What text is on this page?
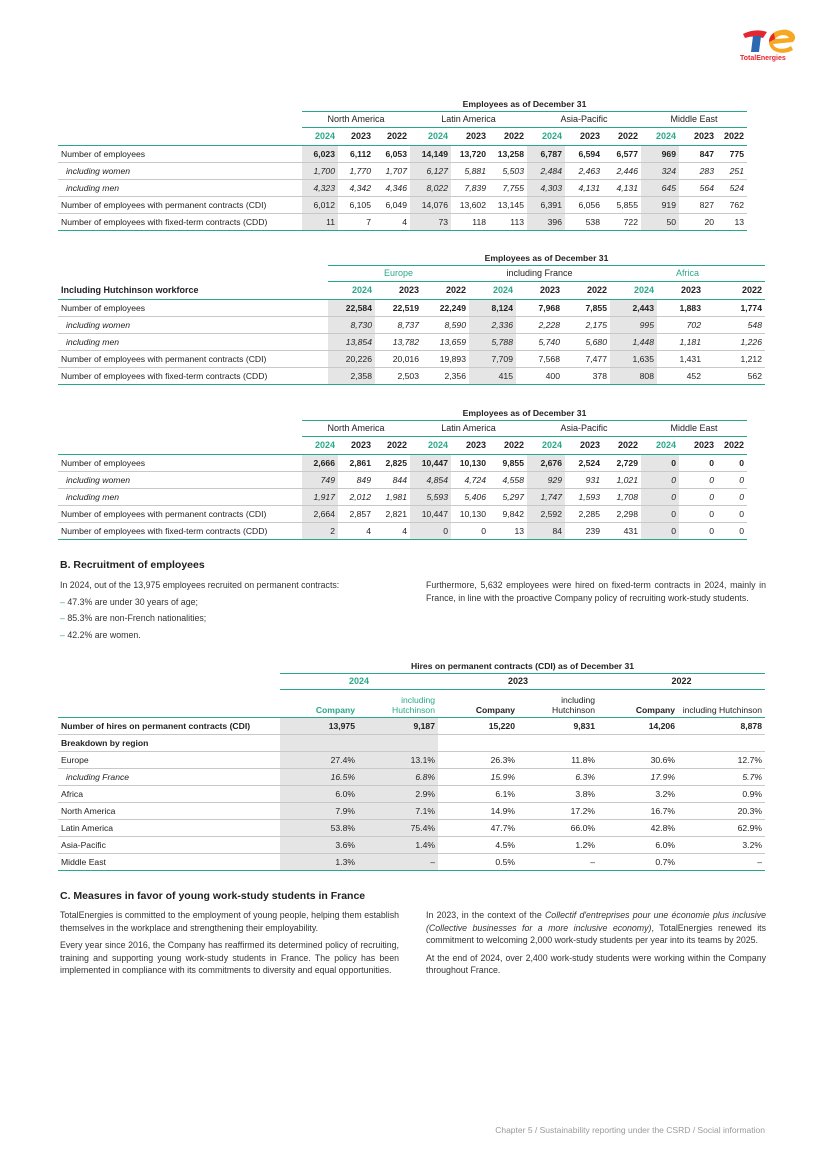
TotalEnergies
	Employees as of December 31											
	North America			Latin America			Asia-Pacific			Middle East		
	2024	2023	2022	2024	2023	2022	2024	2023	2022	2024	2023	2022
Number of employees	6,023	6,112	6,053	14,149	13,720	13,258	6,787	6,594	6,577	969	847	775
including women	1,700	1,770	1,707	6,127	5,881	5,503	2,484	2,463	2,446	324	283	251
including men	4,323	4,342	4,346	8,022	7,839	7,755	4,303	4,131	4,131	645	564	524
Number of employees with permanent contracts (CDI)	6,012	6,105	6,049	14,076	13,602	13,145	6,391	6,056	5,855	919	827	762
Number of employees with fixed-term contracts (CDD)	11	7	4	73	118	113	396	538	722	50	20	13
	Employees as of December 31								
	Europe			including France			Africa		
Including Hutchinson workforce	2024	2023	2022	2024	2023	2022	2024	2023	2022
Number of employees	22,584	22,519	22,249	8,124	7,968	7,855	2,443	1,883	1,774
including women	8,730	8,737	8,590	2,336	2,228	2,175	995	702	548
including men	13,854	13,782	13,659	5,788	5,740	5,680	1,448	1,181	1,226
Number of employees with permanent contracts (CDI)	20,226	20,016	19,893	7,709	7,568	7,477	1,635	1,431	1,212
Number of employees with fixed-term contracts (CDD)	2,358	2,503	2,356	415	400	378	808	452	562
	Employees as of December 31											
	North America			Latin America			Asia-Pacific			Middle East		
	2024	2023	2022	2024	2023	2022	2024	2023	2022	2024	2023	2022
Number of employees	2,666	2,861	2,825	10,447	10,130	9,855	2,676	2,524	2,729	0	0	0
including women	749	849	844	4,854	4,724	4,558	929	931	1,021	0	0	0
including men	1,917	2,012	1,981	5,593	5,406	5,297	1,747	1,593	1,708	0	0	0
Number of employees with permanent contracts (CDI)	2,664	2,857	2,821	10,447	10,130	9,842	2,592	2,285	2,298	0	0	0
Number of employees with fixed-term contracts (CDD)	2	4	4	0	0	13	84	239	431	0	0	0
B. Recruitment of employees
In 2024, out of the 13,975 employees recruited on permanent contracts:
– 47.3% are under 30 years of age;
– 85.3% are non-French nationalities;
– 42.2% are women.
Furthermore, 5,632 employees were hired on fixed-term contracts in 2024, mainly in France, in line with the proactive Company policy of recruiting work-study students.
	Hires on permanent contracts (CDI) as of December 31					
	2024		2023		2022	
	Company	including Hutchinson	Company	including Hutchinson	Company	including Hutchinson
Number of hires on permanent contracts (CDI)	13,975	9,187	15,220	9,831	14,206	8,878
Breakdown by region						
Europe	27.4%	13.1%	26.3%	11.8%	30.6%	12.7%
including France	16.5%	6.8%	15.9%	6.3%	17.9%	5.7%
Africa	6.0%	2.9%	6.1%	3.8%	3.2%	0.9%
North America	7.9%	7.1%	14.9%	17.2%	16.7%	20.3%
Latin America	53.8%	75.4%	47.7%	66.0%	42.8%	62.9%
Asia-Pacific	3.6%	1.4%	4.5%	1.2%	6.0%	3.2%
Middle East	1.3%	–	0.5%	–	0.7%	–
C. Measures in favor of young work-study students in France

TotalEnergies is committed to the employment of young people, helping them establish themselves in the workplace and strengthening their employability.

Every year since 2016, the Company has reaffirmed its determined policy of recruiting, training and supporting young work-study students in France. The policy has been implemented in compliance with its commitments to diversity and equal opportunities.

In 2023, in the context of the Collectif d'entreprises pour une économie plus inclusive (Collective businesses for a more inclusive economy), TotalEnergies renewed its commitment to welcoming 2,000 work-study students per year into its teams by 2025.

At the end of 2024, over 2,400 work-study students were working within the Company throughout France.

Chapter 5 / Sustainability reporting under the CSRD / Social information
